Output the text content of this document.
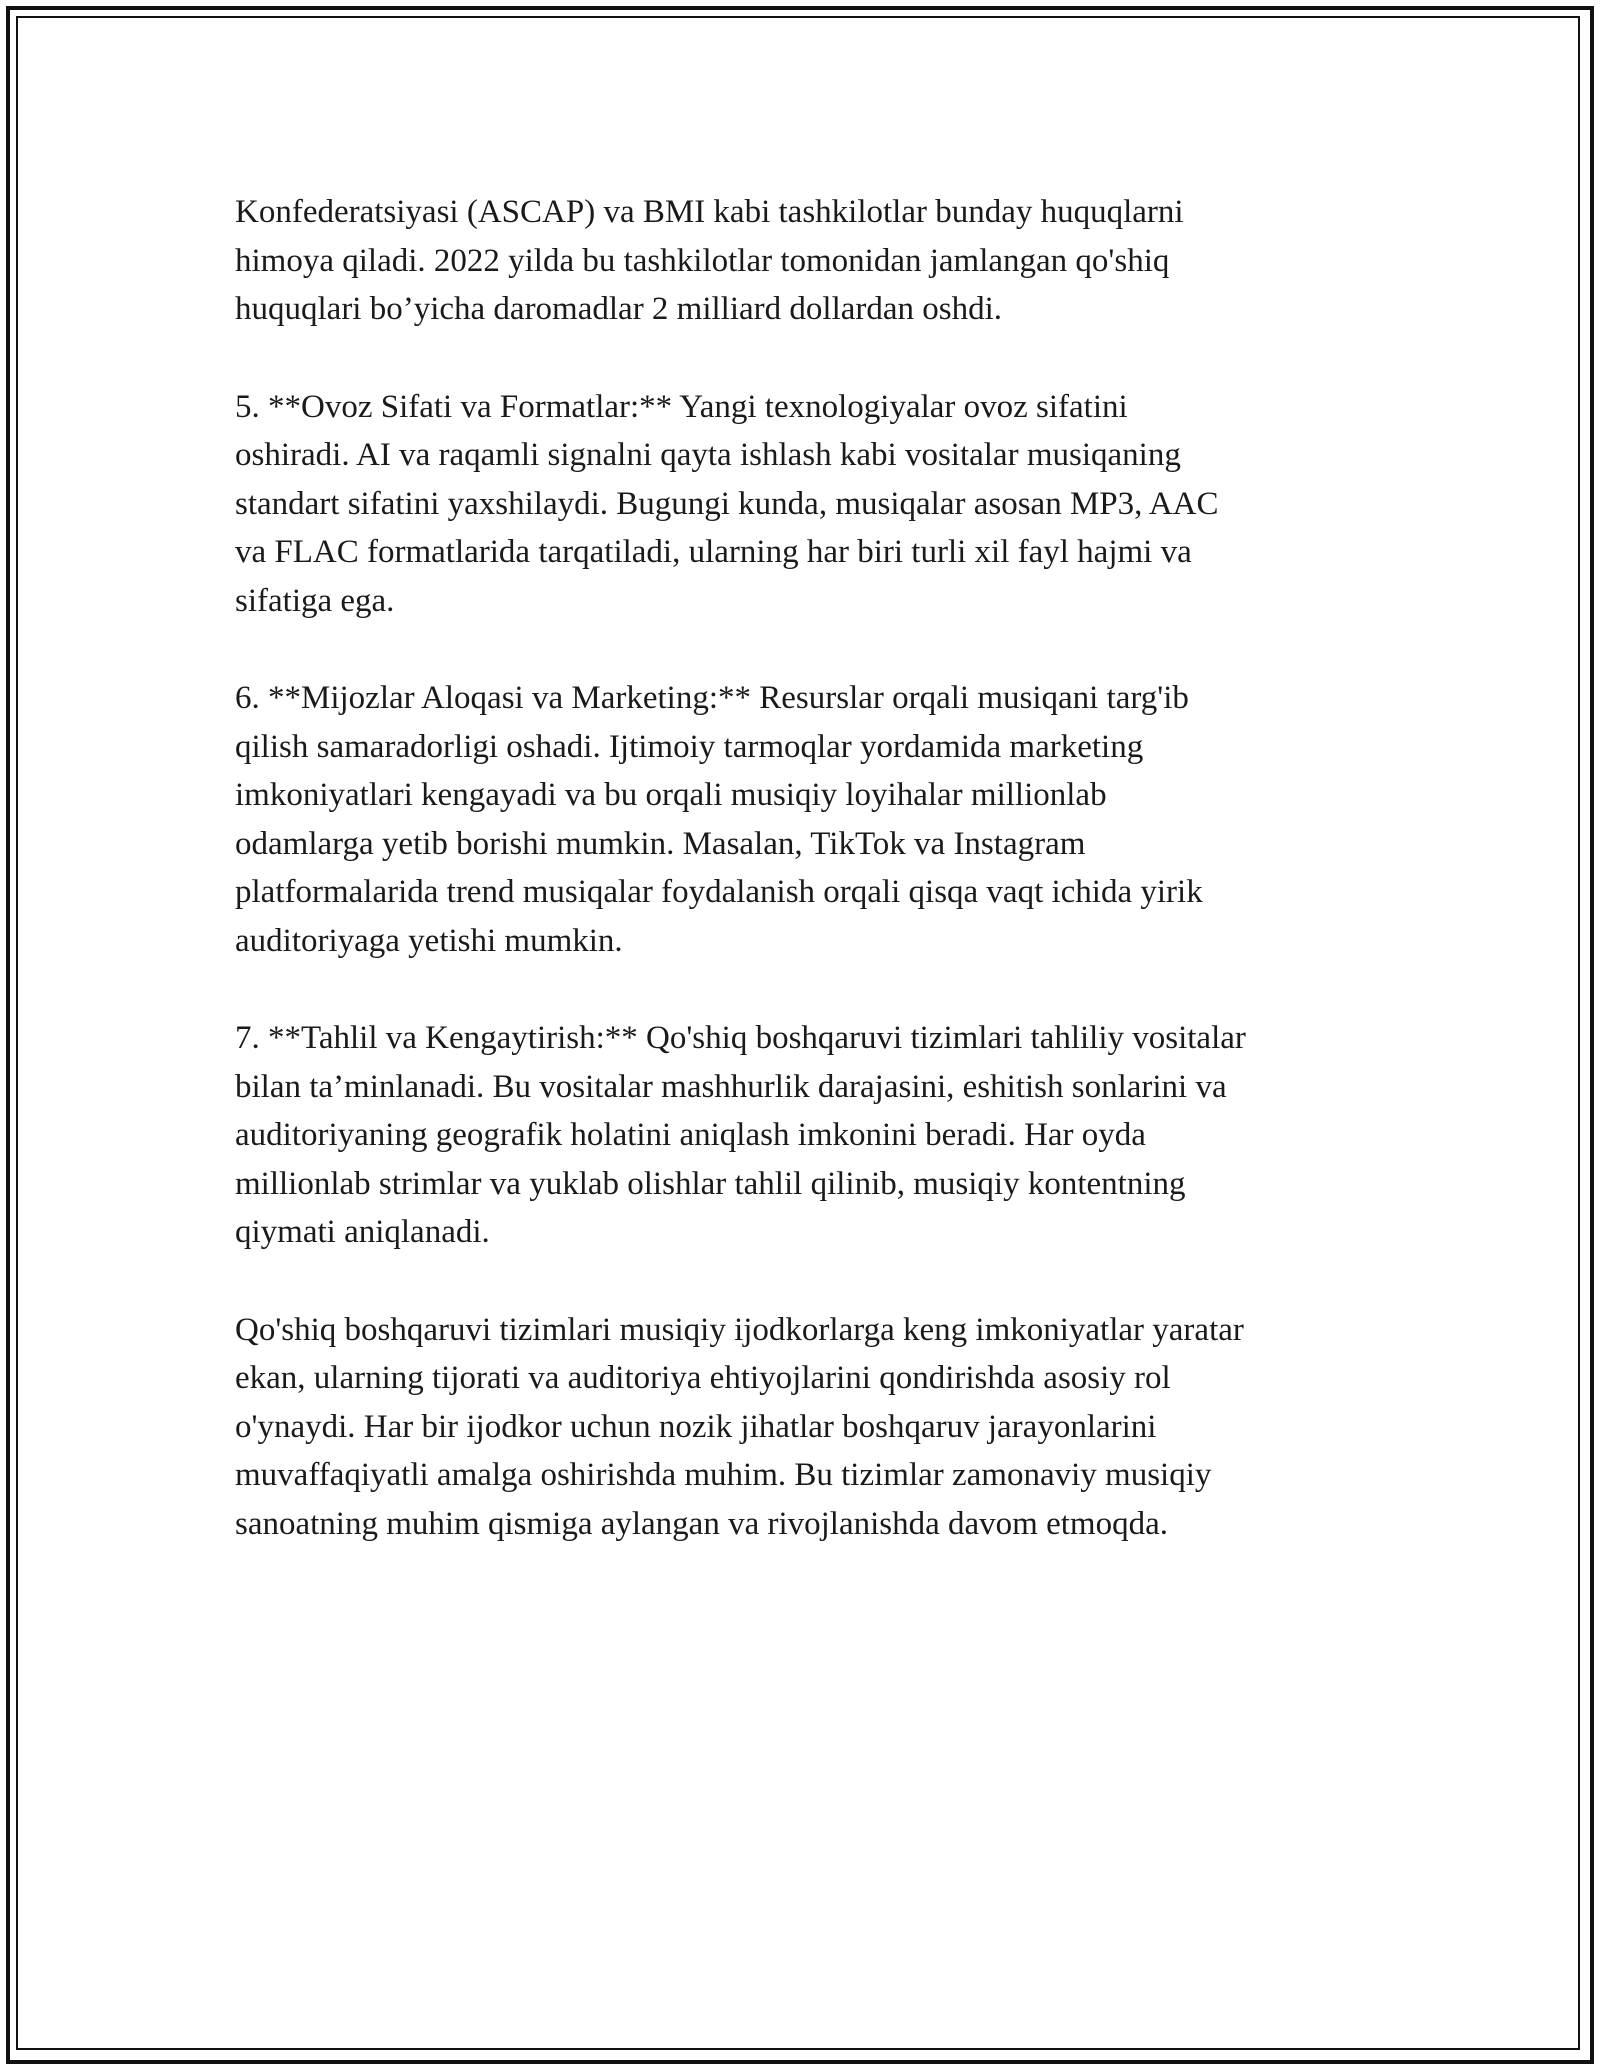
Konfederatsiyasi (ASCAP) va BMI kabi tashkilotlar bunday huquqlarni
himoya qiladi. 2022 yilda bu tashkilotlar tomonidan jamlangan qo'shiq
huquqlari bo’yicha daromadlar 2 milliard dollardan oshdi.

5. **Ovoz Sifati va Formatlar:** Yangi texnologiyalar ovoz sifatini
oshiradi. AI va raqamli signalni qayta ishlash kabi vositalar musiqaning
standart sifatini yaxshilaydi. Bugungi kunda, musiqalar asosan MP3, AAC
va FLAC formatlarida tarqatiladi, ularning har biri turli xil fayl hajmi va
sifatiga ega.

6. **Mijozlar Aloqasi va Marketing:** Resurslar orqali musiqani targ'ib
qilish samaradorligi oshadi. Ijtimoiy tarmoqlar yordamida marketing
imkoniyatlari kengayadi va bu orqali musiqiy loyihalar millionlab
odamlarga yetib borishi mumkin. Masalan, TikTok va Instagram
platformalarida trend musiqalar foydalanish orqali qisqa vaqt ichida yirik
auditoriyaga yetishi mumkin.

7. **Tahlil va Kengaytirish:** Qo'shiq boshqaruvi tizimlari tahliliy vositalar
bilan ta’minlanadi. Bu vositalar mashhurlik darajasini, eshitish sonlarini va
auditoriyaning geografik holatini aniqlash imkonini beradi. Har oyda
millionlab strimlar va yuklab olishlar tahlil qilinib, musiqiy kontentning
qiymati aniqlanadi.

Qo'shiq boshqaruvi tizimlari musiqiy ijodkorlarga keng imkoniyatlar yaratar
ekan, ularning tijorati va auditoriya ehtiyojlarini qondirishda asosiy rol
o'ynaydi. Har bir ijodkor uchun nozik jihatlar boshqaruv jarayonlarini
muvaffaqiyatli amalga oshirishda muhim. Bu tizimlar zamonaviy musiqiy
sanoatning muhim qismiga aylangan va rivojlanishda davom etmoqda.
